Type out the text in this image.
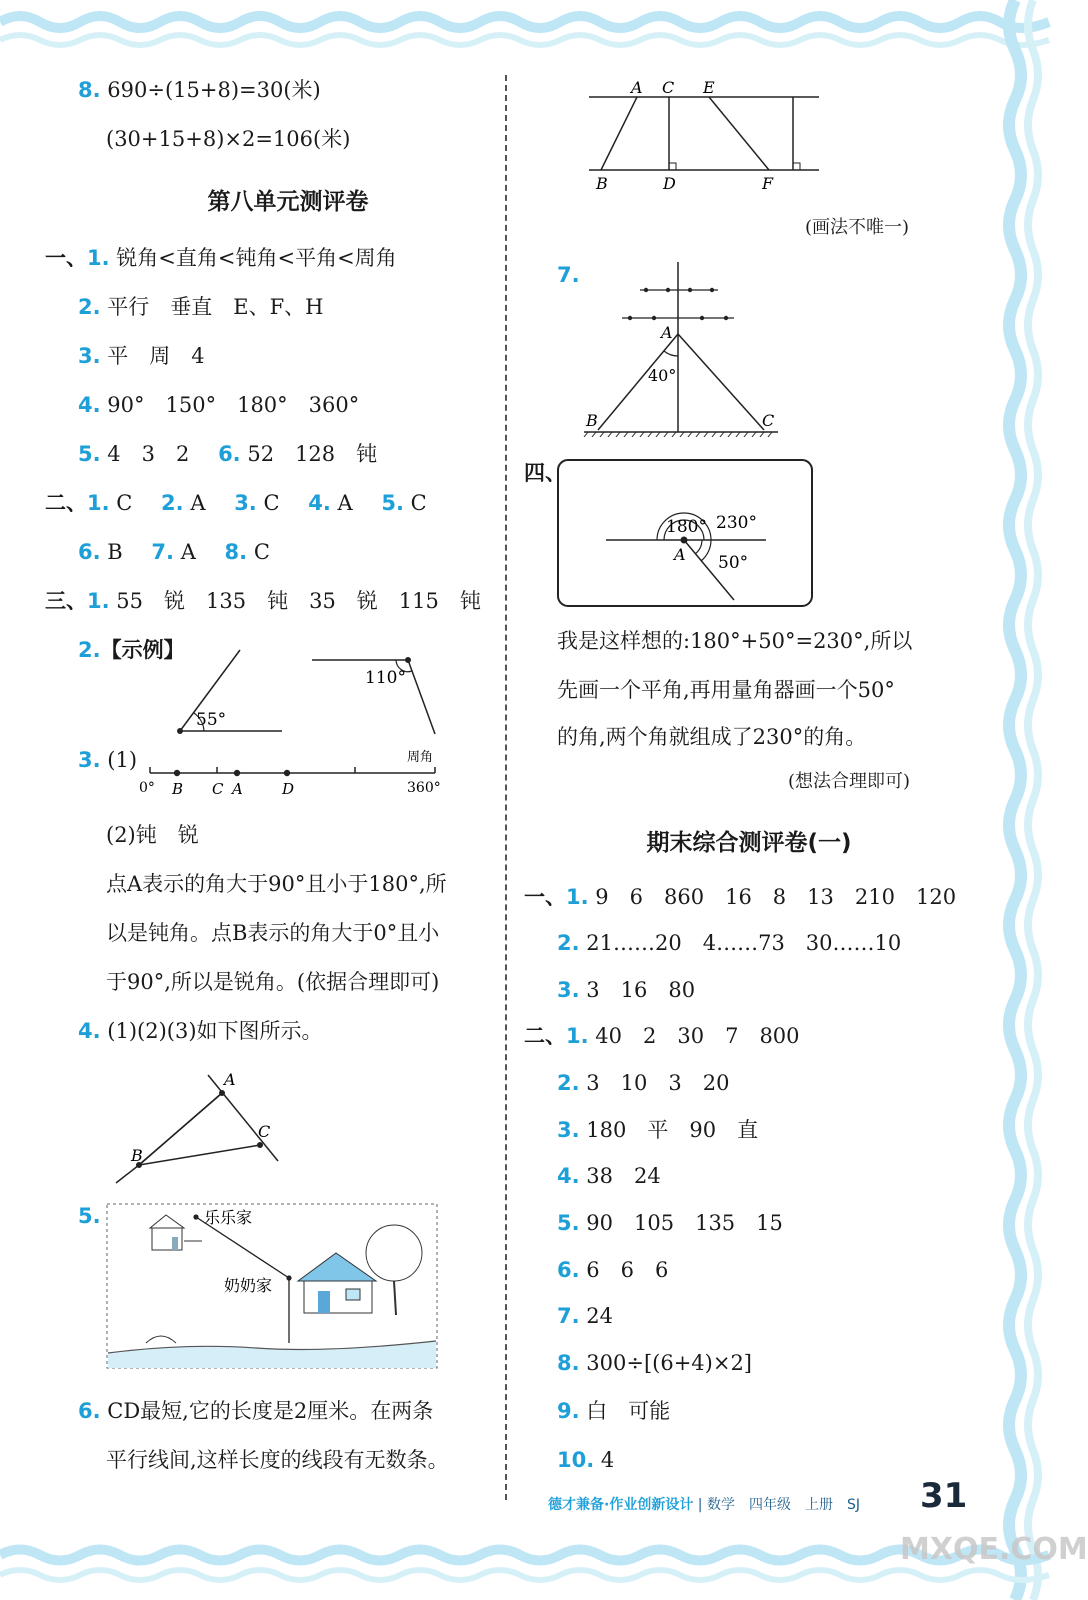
8. 690÷(15+8)=30(米)
(30+15+8)×2=106(米)
第八单元测评卷
一、1. 锐角<直角<钝角<平角<周角
2. 平行　垂直　E、F、H
3. 平　周　4
4. 90°　150°　180°　360°
5. 4　3　2 6. 52　128　钝
二、1. C 2. A 3. C 4. A 5. C
6. B 7. A 8. C
三、1. 55　锐　135　钝　35　锐　115　钝
2.【示例】
55°
110°
3. (1)	周角
0° B C A	D	360°
(2)钝　锐
点A表示的角大于90°且小于180°,所
以是钝角。点B表示的角大于0°且小
于90°,所以是锐角。(依据合理即可)
4. (1)(2)(3)如下图所示。
A
B
C
5.	乐乐家
奶奶家
6. CD最短,它的长度是2厘米。在两条
平行线间,这样长度的线段有无数条。
A C E
B	D	F
(画法不唯一)
7.
A
40°
B	C
四、
180° 230°
50°
A
我是这样想的:180°+50°=230°,所以
先画一个平角,再用量角器画一个50°
的角,两个角就组成了230°的角。
(想法合理即可)
期末综合测评卷(一)
一、1. 9　6　860　16　8　13　210　120
2. 21……20　4……73　30……10
3. 3　16　80
二、1. 40　2　30　7　800
2. 3　10　3　20
3. 180　平　90　直
4. 38　24
5. 90　105　135　15
6. 6　6　6
7. 24
8. 300÷[(6+4)×2]
9. 白　可能
10. 4
德才兼备·作业创新设计 | 数学　四年级　上册　SJ 31
MXQE.COM
